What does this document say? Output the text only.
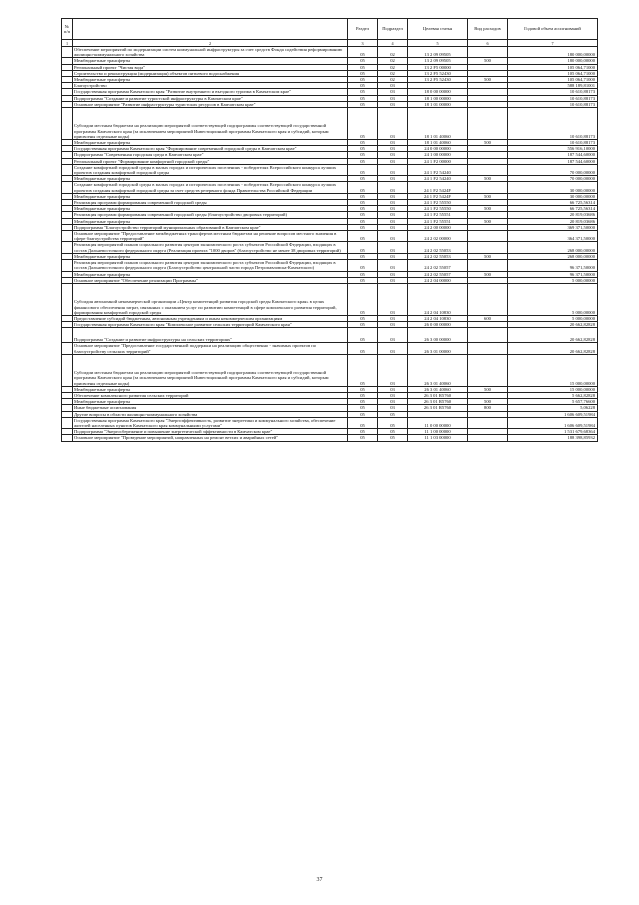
№ п/п		Раздел	Подраздел	Целевая статья	Вид расходов	Годовой объем ассигнований
1	2	3	4	5	6	7
	Обеспечение мероприятий по модернизации систем коммунальной инфраструктуры за счет средств Фонда содействия реформированию жилищно-коммунального хозяйства	05	02	13 2 09 09505		180 000,00000
	Межбюджетные трансферты	05	02	13 2 09 09505	500	180 000,00000
	Региональный проект "Чистая вода"	05	02	13 2 F5 00000		105 064,71000
	Строительство и реконструкция (модернизация) объектов питьевого водоснабжения	05	02	13 2 F5 52430		105 064,71000
	Межбюджетные трансферты	05	02	13 2 F5 52430	500	105 064,71000
	Благоустройство	05	03			588 189,81001
	Государственная программа Камчатского края "Развитие внутреннего и въездного туризма в Камчатском крае"	05	03	18 0 00 00000		10 610,88173
	Подпрограмма "Создание и развитие туристской инфраструктуры в Камчатском крае"	05	03	18 1 00 00000		10 610,88173
	Основное мероприятие "Развитие инфраструктуры туристских ресурсов в Камчатском крае"	05	03	18 1 01 00000		10 610,88173
	Субсидии местным бюджетам на реализацию мероприятий соответствующей подпрограммы соответствующей государственной программы Камчатского края (за исключением мероприятий Инвестиционной программы Камчатского края и субсидий, которым присвоены отдельные коды)	05	03	18 1 01 40060		10 610,88173
	Межбюджетные трансферты	05	03	18 1 01 40060	500	10 610,88173
	Государственная программа Камчатского края "Формирование современной городской среды в Камчатском крае"	05	03	24 0 00 00000		556 916,10000
	Подпрограмма "Современная городская среда в Камчатском крае"	05	03	24 1 00 00000		187 544,60000
	Региональный проект "Формирование комфортной городской среды"	05	03	24 1 F2 00000		187 544,60000
	Создание комфортной городской среды в малых городах и исторических поселениях - победителях Всероссийского конкурса лучших проектов создания комфортной городской среды	05	03	24 1 F2 54240		70 000,00000
	Межбюджетные трансферты	05	03	24 1 F2 54240	500	70 000,00000
	Создание комфортной городской среды в малых городах и исторических поселениях - победителях Всероссийского конкурса лучших проектов создания комфортной городской среды за счет средств резервного фонда Правительства Российской Федерации	05	03	24 1 F2 5424F		30 000,00000
	Межбюджетные трансферты	05	03	24 1 F2 5424F	500	30 000,00000
	Реализация программ формирования современной городской среды	05	03	24 1 F2 55550		66 725,56314
	Межбюджетные трансферты	05	03	24 1 F2 55550	500	66 725,56314
	Реализация программ формирования современной городской среды (благоустройство дворовых территорий)	05	03	24 1 F2 55551		20 819,03686
	Межбюджетные трансферты	05	03	24 1 F2 55551	500	20 819,03686
	Подпрограмма "Благоустройство территорий муниципальных образований в Камчатском крае"	05	03	24 2 00 00000		369 371,50000
	Основное мероприятие "Предоставление межбюджетных трансфертов местным бюджетам на решение вопросов местного значения в сфере благоустройства территорий"	05	03	24 2 02 00000		364 371,50000
	Реализация мероприятий планов социального развития центров экономического роста субъектов Российской Федерации, входящих в состав Дальневосточного федерального округа (Реализация проекта "1000 дворов" (благоустройство не менее 38 дворовых территорий)	05	03	24 2 02 55053		268 000,00000
	Межбюджетные трансферты	05	03	24 2 02 55053	500	268 000,00000
	Реализация мероприятий планов социального развития центров экономического роста субъектов Российской Федерации, входящих в состав Дальневосточного федерального округа (Благоустройство центральной части города Петропавловска-Камчатского)	05	03	24 2 02 55057		96 371,50000
	Межбюджетные трансферты	05	03	24 2 02 55057	500	96 371,50000
	Основное мероприятие "Обеспечение реализации Программы"	05	03	24 2 04 00000		5 000,00000
	Субсидия автономной некоммерческой организации «Центр компетенций развития городской среды Камчатского края» в целях финансового обеспечения затрат, связанных с оказанием услуг по развитию компетенций в сфере комплексного развития территорий, формирования комфортной городской среды	05	03	24 2 04 10830		5 000,00000
	Предоставление субсидий бюджетным, автономным учреждениям и иным некоммерческим организациям	05	03	24 2 04 10830	600	5 000,00000
	Государственная программа Камчатского края "Комплексное развитие сельских территорий Камчатского края"	05	03	26 0 00 00000		20 662,82828
	Подпрограмма "Создание и развитие инфраструктуры на сельских территориях"	05	03	26 3 00 00000		20 662,82828
	Основное мероприятие "Предоставление государственной поддержки на реализацию общественно - значимых проектов по благоустройству сельских территорий"	05	03	26 3 01 00000		20 662,82828
	Субсидии местным бюджетам на реализацию мероприятий соответствующей подпрограммы соответствующей государственной программы Камчатского края (за исключением мероприятий Инвестиционной программы Камчатского края и субсидий, которым присвоены отдельные коды)	05	03	26 3 01 40060		15 000,00000
	Межбюджетные трансферты	05	03	26 3 01 40060	500	15 000,00000
	Обеспечение комплексного развития сельских территорий	05	03	26 3 01 R5760		5 662,82828
	Межбюджетные трансферты	05	03	26 3 01 R5760	500	5 657,76600
	Иные бюджетные ассигнования	05	03	26 3 01 R5760	800	5,06228
	Другие вопросы в области жилищно-коммунального хозяйства	05	05			1 606 609,51984
	Государственная программа Камчатского края "Энергоэффективность, развитие энергетики и коммунального хозяйства, обеспечение жителей населенных пунктов Камчатского края коммунальными услугами"	05	05	11 0 00 00000		1 606 609,51984
	Подпрограмма "Энергосбережение и повышение энергетической эффективности в Камчатском крае"	05	05	11 1 00 00000		1 531 679,68364
	Основное мероприятие "Проведение мероприятий, направленных на ремонт ветхих и аварийных сетей"	05	05	11 1 03 00000		188 398,85932
37
